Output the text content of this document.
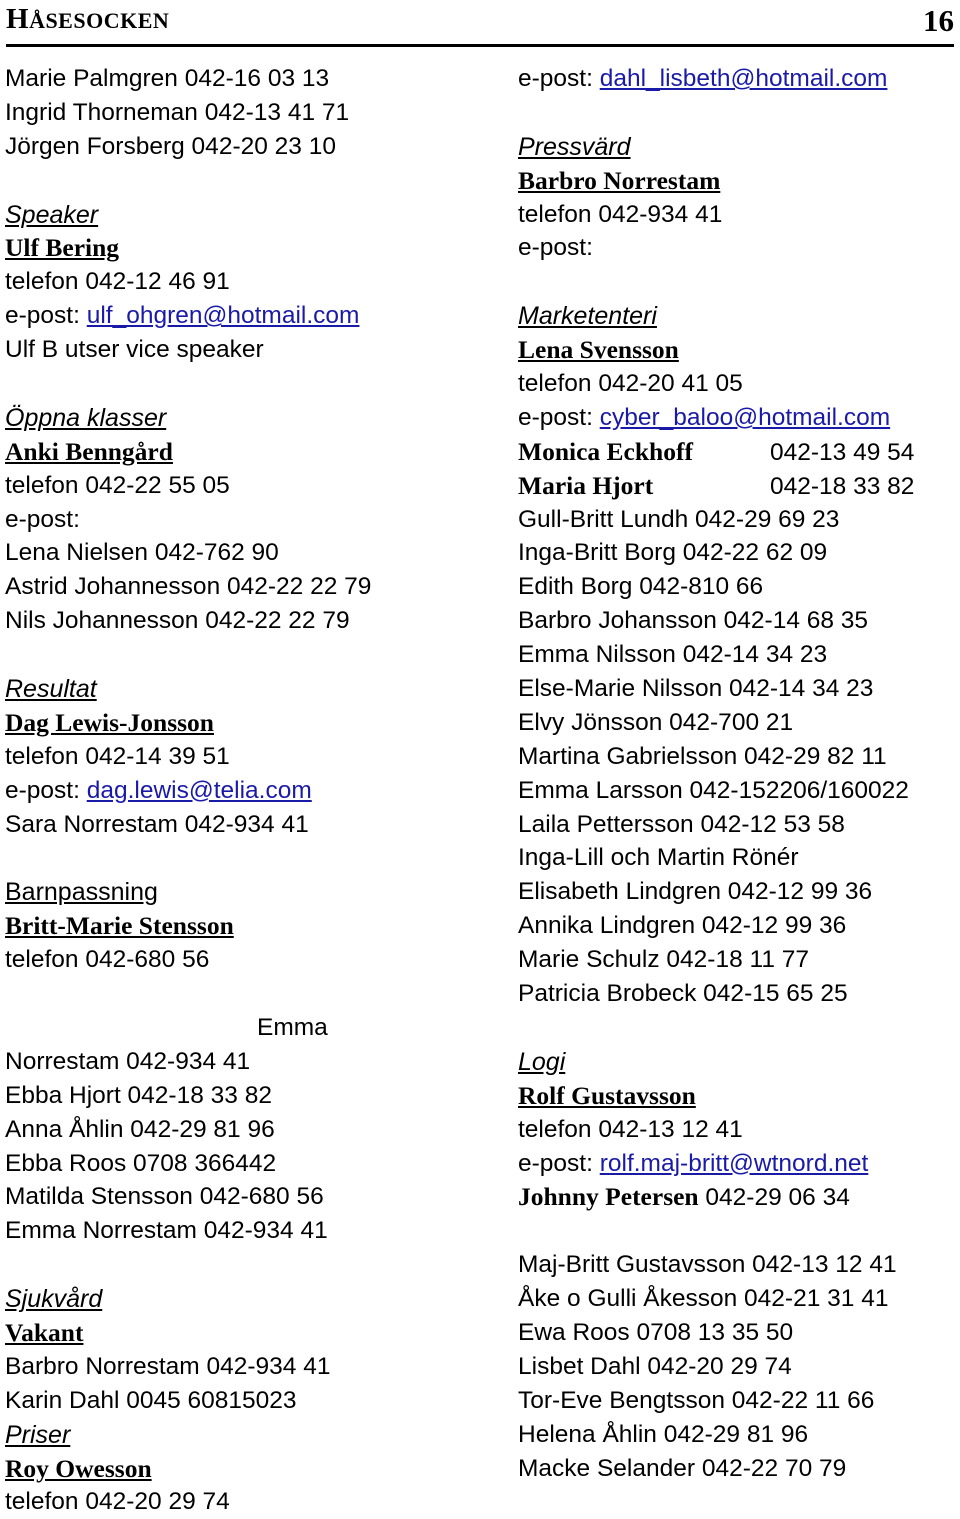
HÅSESOCKEN	16
Marie Palmgren 042-16 03 13
Ingrid Thorneman 042-13 41 71
Jörgen Forsberg 042-20 23 10
Speaker
Ulf Bering
telefon 042-12 46 91
e-post: ulf_ohgren@hotmail.com
Ulf B utser vice speaker
Öppna klasser
Anki Benngård
telefon 042-22 55 05
e-post:
Lena Nielsen 042-762 90
Astrid Johannesson 042-22 22 79
Nils Johannesson 042-22 22 79
Resultat
Dag Lewis-Jonsson
telefon 042-14 39 51
e-post: dag.lewis@telia.com
Sara Norrestam 042-934 41
Barnpassning
Britt-Marie Stensson
telefon 042-680 56
Emma
Norrestam 042-934 41
Ebba Hjort 042-18 33 82
Anna Åhlin 042-29 81 96
Ebba Roos 0708 366442
Matilda Stensson 042-680 56
Emma Norrestam 042-934 41
Sjukvård
Vakant
Barbro Norrestam 042-934 41
Karin Dahl 0045 60815023
Priser
Roy Owesson
telefon 042-20 29 74
e-post: dahl_lisbeth@hotmail.com
Pressvärd
Barbro Norrestam
telefon 042-934 41
e-post:
Marketenteri
Lena Svensson
telefon 042-20 41 05
e-post: cyber_baloo@hotmail.com
Monica Eckhoff	042-13 49 54
Maria Hjort	042-18 33 82
Gull-Britt Lundh 042-29 69 23
Inga-Britt Borg 042-22 62 09
Edith Borg 042-810 66
Barbro Johansson 042-14 68 35
Emma Nilsson 042-14 34 23
Else-Marie Nilsson 042-14 34 23
Elvy Jönsson 042-700 21
Martina Gabrielsson 042-29 82 11
Emma Larsson 042-152206/160022
Laila Pettersson 042-12 53 58
Inga-Lill och Martin Rönér
Elisabeth Lindgren 042-12 99 36
Annika Lindgren 042-12 99 36
Marie Schulz 042-18 11 77
Patricia Brobeck 042-15 65 25
Logi
Rolf Gustavsson
telefon 042-13 12 41
e-post: rolf.maj-britt@wtnord.net
Johnny Petersen 042-29 06 34
Maj-Britt Gustavsson 042-13 12 41
Åke o Gulli Åkesson 042-21 31 41
Ewa Roos 0708 13 35 50
Lisbet Dahl 042-20 29 74
Tor-Eve Bengtsson 042-22 11 66
Helena Åhlin 042-29 81 96
Macke Selander 042-22 70 79
